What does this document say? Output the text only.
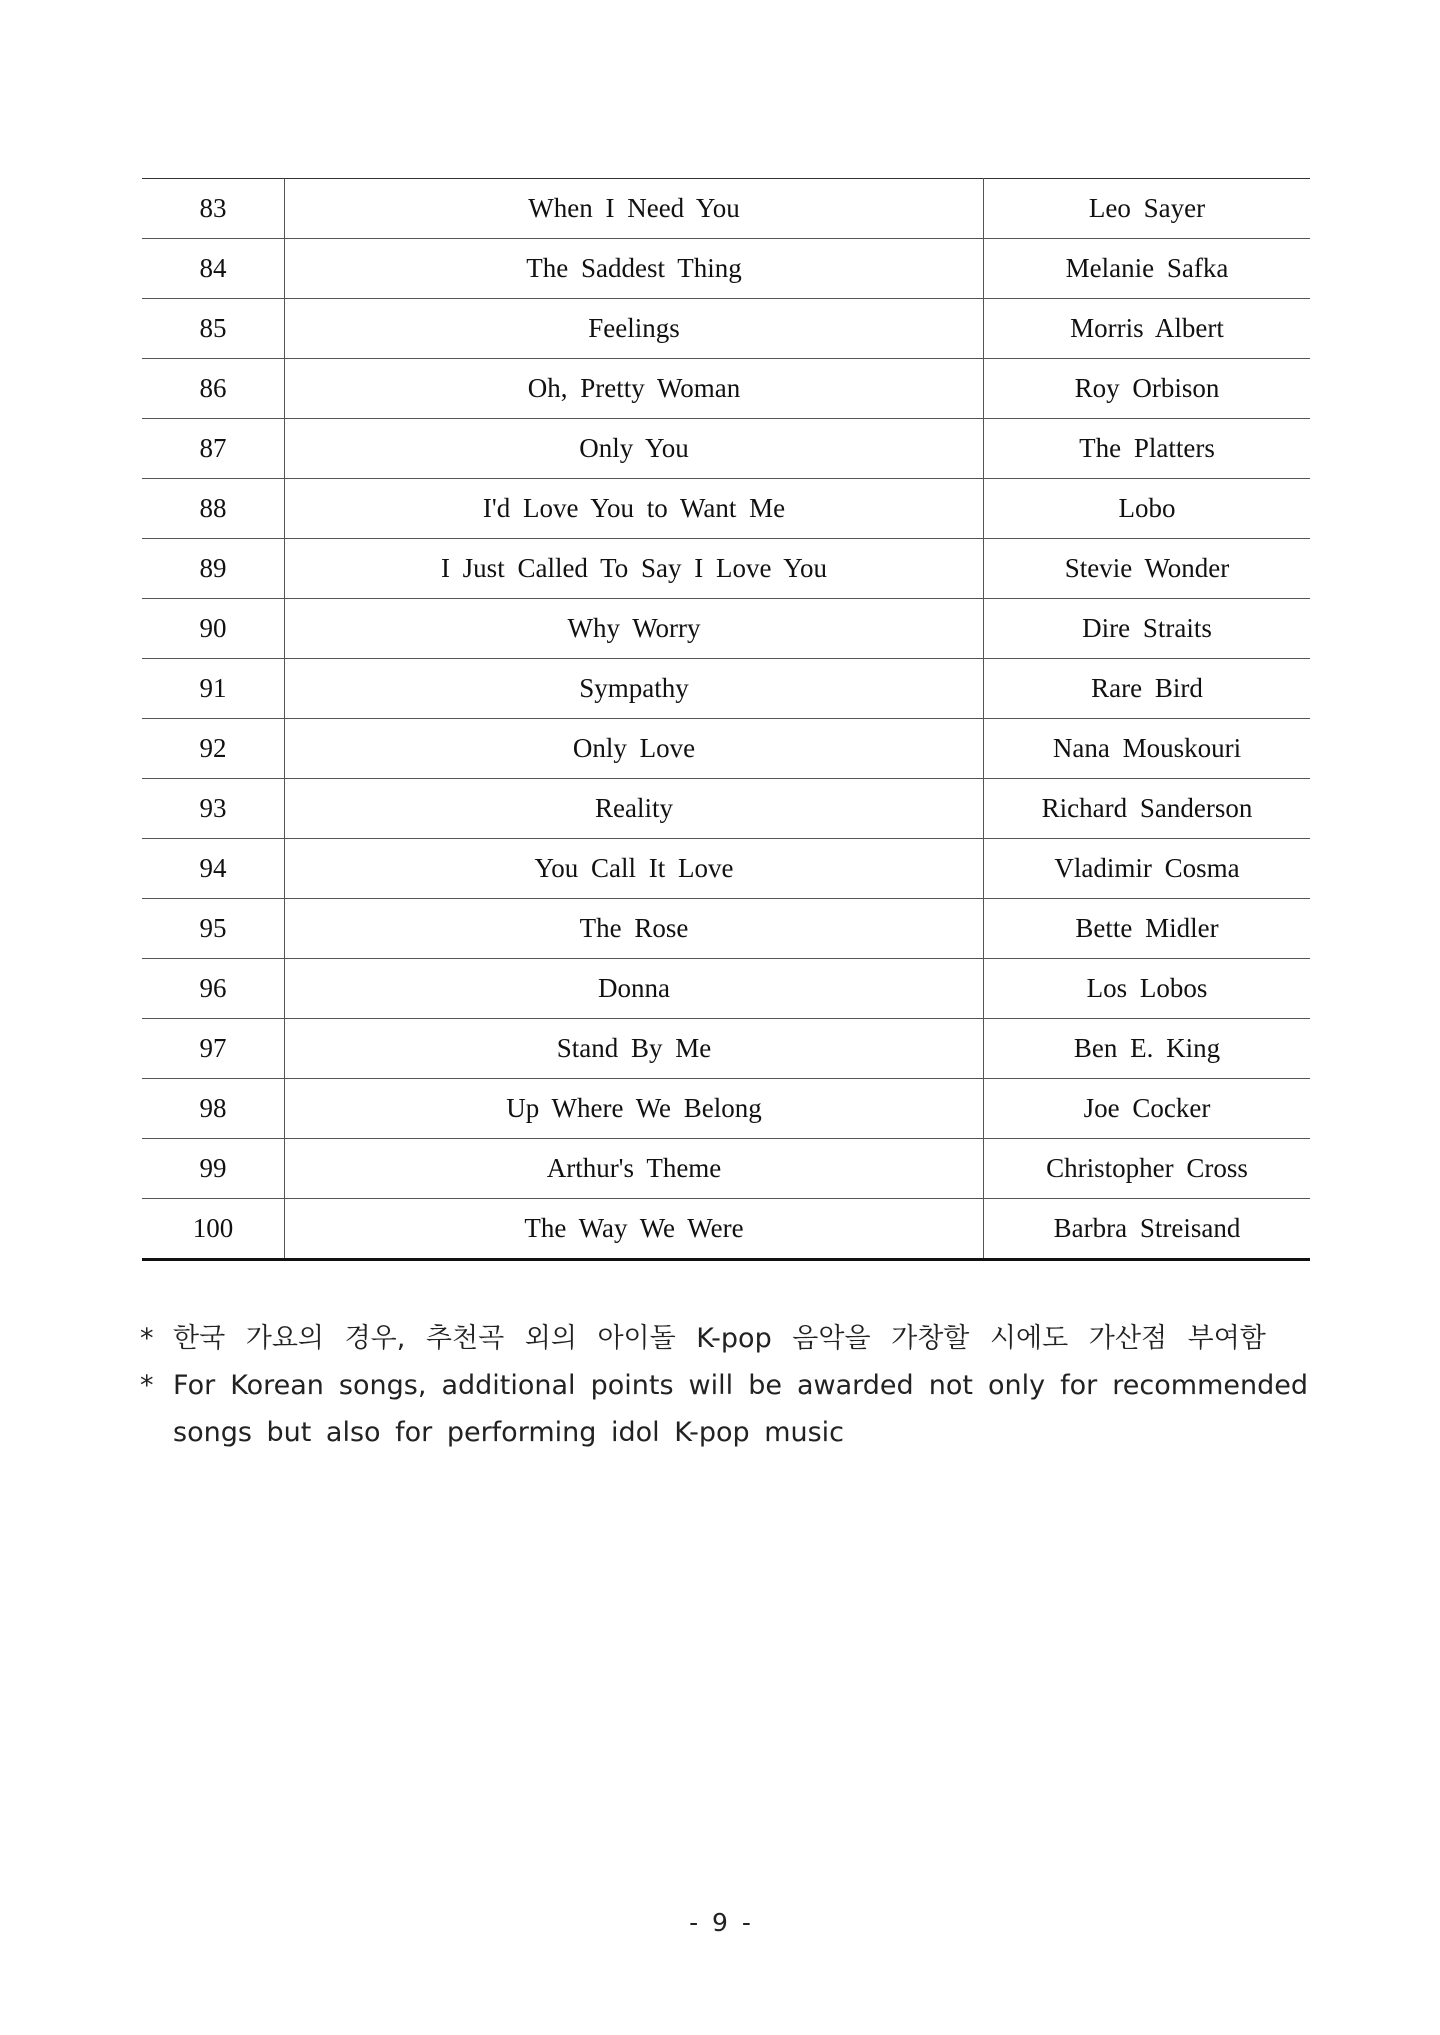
83	When I Need You	Leo Sayer
84	The Saddest Thing	Melanie Safka
85	Feelings	Morris Albert
86	Oh, Pretty Woman	Roy Orbison
87	Only You	The Platters
88	I'd Love You to Want Me	Lobo
89	I Just Called To Say I Love You	Stevie Wonder
90	Why Worry	Dire Straits
91	Sympathy	Rare Bird
92	Only Love	Nana Mouskouri
93	Reality	Richard Sanderson
94	You Call It Love	Vladimir Cosma
95	The Rose	Bette Midler
96	Donna	Los Lobos
97	Stand By Me	Ben E. King
98	Up Where We Belong	Joe Cocker
99	Arthur's Theme	Christopher Cross
100	The Way We Were	Barbra Streisand
* 한국 가요의 경우, 추천곡 외의 아이돌 K-pop 음악을 가창할 시에도 가산점 부여함
* For Korean songs, additional points will be awarded not only for recommended songs but also for performing idol K-pop music
- 9 -
